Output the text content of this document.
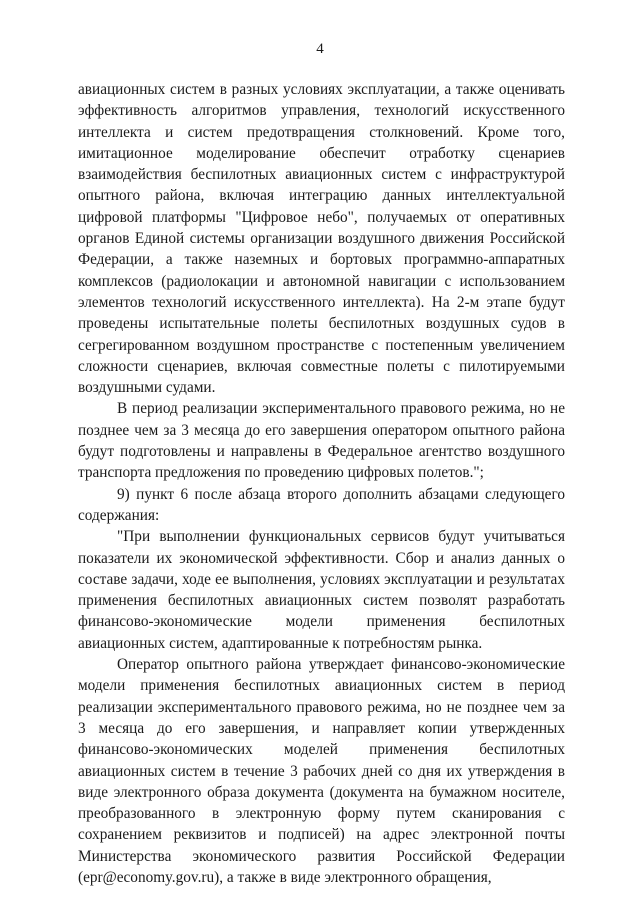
4

авиационных систем в разных условиях эксплуатации, а также оценивать эффективность алгоритмов управления, технологий искусственного интеллекта и систем предотвращения столкновений. Кроме того, имитационное моделирование обеспечит отработку сценариев взаимодействия беспилотных авиационных систем с инфраструктурой опытного района, включая интеграцию данных интеллектуальной цифровой платформы "Цифровое небо", получаемых от оперативных органов Единой системы организации воздушного движения Российской Федерации, а также наземных и бортовых программно-аппаратных комплексов (радиолокации и автономной навигации с использованием элементов технологий искусственного интеллекта). На 2-м этапе будут проведены испытательные полеты беспилотных воздушных судов в сегрегированном воздушном пространстве с постепенным увеличением сложности сценариев, включая совместные полеты с пилотируемыми воздушными судами.

В период реализации экспериментального правового режима, но не позднее чем за 3 месяца до его завершения оператором опытного района будут подготовлены и направлены в Федеральное агентство воздушного транспорта предложения по проведению цифровых полетов.";

9) пункт 6 после абзаца второго дополнить абзацами следующего содержания:

"При выполнении функциональных сервисов будут учитываться показатели их экономической эффективности. Сбор и анализ данных о составе задачи, ходе ее выполнения, условиях эксплуатации и результатах применения беспилотных авиационных систем позволят разработать финансово-экономические модели применения беспилотных авиационных систем, адаптированные к потребностям рынка.

Оператор опытного района утверждает финансово-экономические модели применения беспилотных авиационных систем в период реализации экспериментального правового режима, но не позднее чем за 3 месяца до его завершения, и направляет копии утвержденных финансово-экономических моделей применения беспилотных авиационных систем в течение 3 рабочих дней со дня их утверждения в виде электронного образа документа (документа на бумажном носителе, преобразованного в электронную форму путем сканирования с сохранением реквизитов и подписей) на адрес электронной почты Министерства экономического развития Российской Федерации (epr@economy.gov.ru), а также в виде электронного обращения,
